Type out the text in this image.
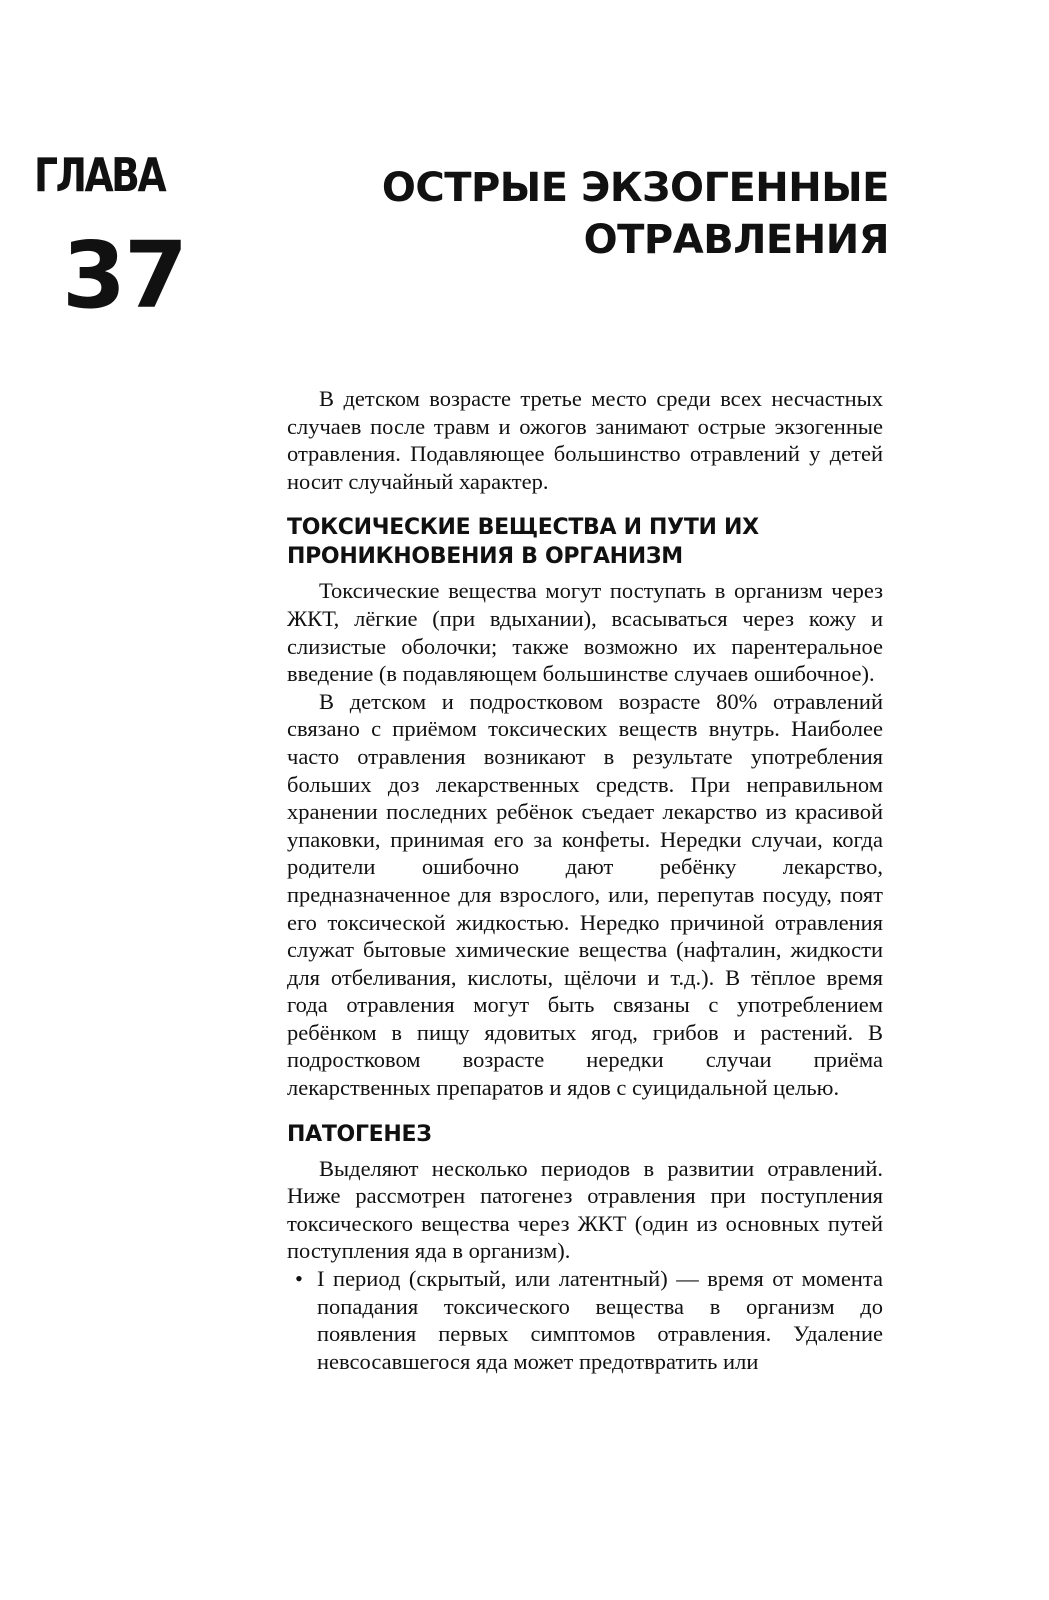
ГЛАВА
37
ОСТРЫЕ ЭКЗОГЕННЫЕ
ОТРАВЛЕНИЯ

В детском возрасте третье место среди всех несчастных случаев после травм и ожогов занимают острые экзогенные отравления. Подавляющее большинство отравлений у детей носит случайный характер.

ТОКСИЧЕСКИЕ ВЕЩЕСТВА И ПУТИ ИХ
ПРОНИКНОВЕНИЯ В ОРГАНИЗМ

Токсические вещества могут поступать в организм через ЖКТ, лёгкие (при вдыхании), всасываться через кожу и слизистые оболочки; также возможно их парентеральное введение (в подавляющем большинстве случаев ошибочное).

В детском и подростковом возрасте 80% отравлений связано с приёмом токсических веществ внутрь. Наиболее часто отравления возникают в результате употребления больших доз лекарственных средств. При неправильном хранении последних ребёнок съедает лекарство из красивой упаковки, принимая его за конфеты. Нередки случаи, когда родители ошибочно дают ребёнку лекарство, предназначенное для взрослого, или, перепутав посуду, поят его токсической жидкостью. Нередко причиной отравления служат бытовые химические вещества (нафталин, жидкости для отбеливания, кислоты, щёлочи и т.д.). В тёплое время года отравления могут быть связаны с употреблением ребёнком в пищу ядовитых ягод, грибов и растений. В подростковом возрасте нередки случаи приёма лекарственных препаратов и ядов с суицидальной целью.

ПАТОГЕНЕЗ

Выделяют несколько периодов в развитии отравлений. Ниже рассмотрен патогенез отравления при поступления токсического вещества через ЖКТ (один из основных путей поступления яда в организм).

• I период (скрытый, или латентный) — время от момента попадания токсического вещества в организм до появления первых симптомов отравления. Удаление невсосавшегося яда может предотвратить или
